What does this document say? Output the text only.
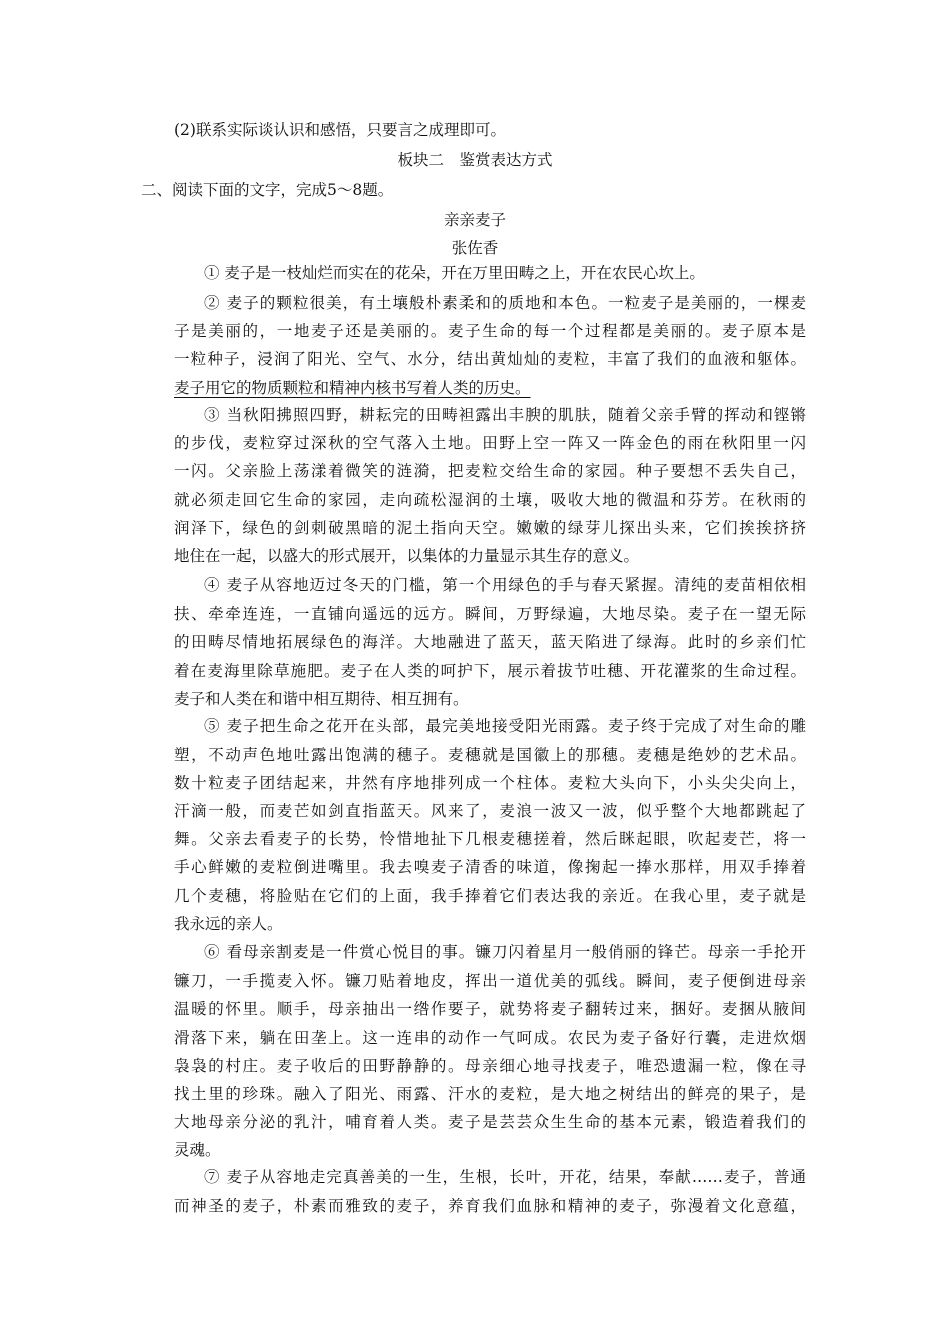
(2)联系实际谈认识和感悟，只要言之成理即可。
板块二　鉴赏表达方式
二、阅读下面的文字，完成5～8题。
亲亲麦子
张佐香
① 麦子是一枝灿烂而实在的花朵，开在万里田畴之上，开在农民心坎上。
② 麦子的颗粒很美，有土壤般朴素柔和的质地和本色。一粒麦子是美丽的，一棵麦
子是美丽的，一地麦子还是美丽的。麦子生命的每一个过程都是美丽的。麦子原本是
一粒种子，浸润了阳光、空气、水分，结出黄灿灿的麦粒，丰富了我们的血液和躯体。
麦子用它的物质颗粒和精神内核书写着人类的历史。
③ 当秋阳拂照四野，耕耘完的田畴袒露出丰腴的肌肤，随着父亲手臂的挥动和铿锵
的步伐，麦粒穿过深秋的空气落入土地。田野上空一阵又一阵金色的雨在秋阳里一闪
一闪。父亲脸上荡漾着微笑的涟漪，把麦粒交给生命的家园。种子要想不丢失自己，
就必须走回它生命的家园，走向疏松湿润的土壤，吸收大地的微温和芬芳。在秋雨的
润泽下，绿色的剑刺破黑暗的泥土指向天空。嫩嫩的绿芽儿探出头来，它们挨挨挤挤
地住在一起，以盛大的形式展开，以集体的力量显示其生存的意义。
④ 麦子从容地迈过冬天的门槛，第一个用绿色的手与春天紧握。清纯的麦苗相依相
扶、牵牵连连，一直铺向遥远的远方。瞬间，万野绿遍，大地尽染。麦子在一望无际
的田畴尽情地拓展绿色的海洋。大地融进了蓝天，蓝天陷进了绿海。此时的乡亲们忙
着在麦海里除草施肥。麦子在人类的呵护下，展示着拔节吐穗、开花灌浆的生命过程。
麦子和人类在和谐中相互期待、相互拥有。
⑤ 麦子把生命之花开在头部，最完美地接受阳光雨露。麦子终于完成了对生命的雕
塑，不动声色地吐露出饱满的穗子。麦穗就是国徽上的那穗。麦穗是绝妙的艺术品。
数十粒麦子团结起来，井然有序地排列成一个柱体。麦粒大头向下，小头尖尖向上，
汗滴一般，而麦芒如剑直指蓝天。风来了，麦浪一波又一波，似乎整个大地都跳起了
舞。父亲去看麦子的长势，怜惜地扯下几根麦穗搓着，然后眯起眼，吹起麦芒，将一
手心鲜嫩的麦粒倒进嘴里。我去嗅麦子清香的味道，像掬起一捧水那样，用双手捧着
几个麦穗，将脸贴在它们的上面，我手捧着它们表达我的亲近。在我心里，麦子就是
我永远的亲人。
⑥ 看母亲割麦是一件赏心悦目的事。镰刀闪着星月一般俏丽的锋芒。母亲一手抡开
镰刀，一手揽麦入怀。镰刀贴着地皮，挥出一道优美的弧线。瞬间，麦子便倒进母亲
温暖的怀里。顺手，母亲抽出一绺作要子，就势将麦子翻转过来，捆好。麦捆从腋间
滑落下来，躺在田垄上。这一连串的动作一气呵成。农民为麦子备好行囊，走进炊烟
袅袅的村庄。麦子收后的田野静静的。母亲细心地寻找麦子，唯恐遗漏一粒，像在寻
找土里的珍珠。融入了阳光、雨露、汗水的麦粒，是大地之树结出的鲜亮的果子，是
大地母亲分泌的乳汁，哺育着人类。麦子是芸芸众生生命的基本元素，锻造着我们的
灵魂。
⑦ 麦子从容地走完真善美的一生，生根，长叶，开花，结果，奉献……麦子，普通
而神圣的麦子，朴素而雅致的麦子，养育我们血脉和精神的麦子，弥漫着文化意蕴，
